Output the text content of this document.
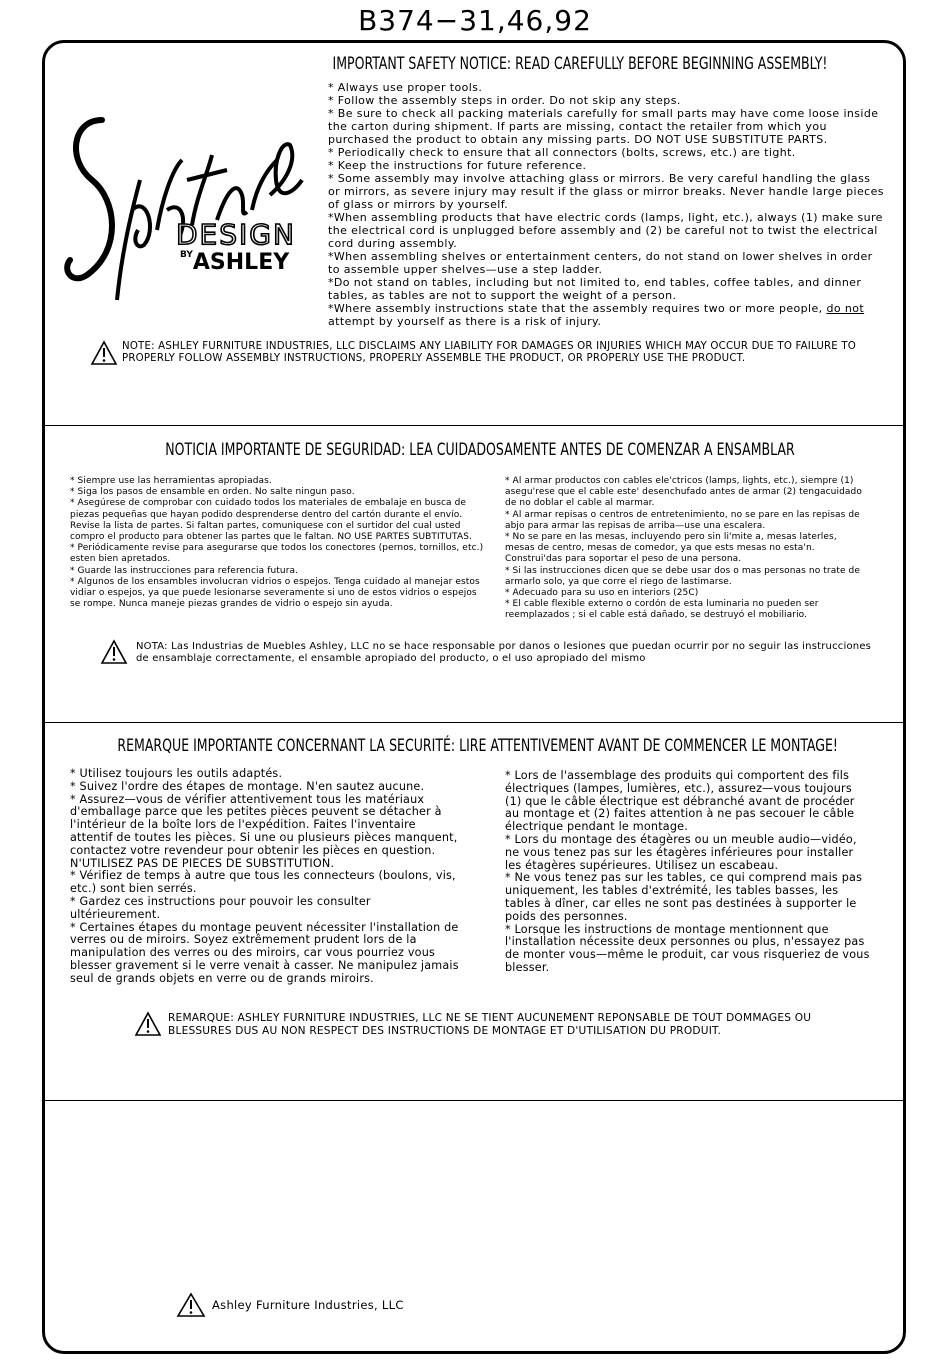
B374−31,46,92
DESIGN
$^{BY}$ASHLEY
IMPORTANT SAFETY NOTICE: READ CAREFULLY BEFORE BEGINNING ASSEMBLY!

* Always use proper tools.

* Follow the assembly steps in order. Do not skip any steps.

* Be sure to check all packing materials carefully for small parts may have come loose inside the carton during shipment. If parts are missing, contact the retailer from which you purchased the product to obtain any missing parts. DO NOT USE SUBSTITUTE PARTS.

* Periodically check to ensure that all connectors (bolts, screws, etc.) are tight.

* Keep the instructions for future reference.

* Some assembly may involve attaching glass or mirrors. Be very careful handling the glass or mirrors, as severe injury may result if the glass or mirror breaks. Never handle large pieces of glass or mirrors by yourself.

*When assembling products that have electric cords (lamps, light, etc.), always (1) make sure the electrical cord is unplugged before assembly and (2) be careful not to twist the electrical cord during assembly.

*When assembling shelves or entertainment centers, do not stand on lower shelves in order to assemble upper shelves—use a step ladder.

*Do not stand on tables, including but not limited to, end tables, coffee tables, and dinner tables, as tables are not to support the weight of a person.

*Where assembly instructions state that the assembly requires two or more people, do not attempt by yourself as there is a risk of injury.

NOTE: ASHLEY FURNITURE INDUSTRIES, LLC DISCLAIMS ANY LIABILITY FOR DAMAGES OR INJURIES WHICH MAY OCCUR DUE TO FAILURE TO PROPERLY FOLLOW ASSEMBLY INSTRUCTIONS, PROPERLY ASSEMBLE THE PRODUCT, OR PROPERLY USE THE PRODUCT.
NOTICIA IMPORTANTE DE SEGURIDAD: LEA CUIDADOSAMENTE ANTES DE COMENZAR A ENSAMBLAR

* Siempre use las herramientas apropiadas.

* Siga los pasos de ensamble en orden. No salte ningun paso.

* Asegúrese de comprobar con cuidado todos los materiales de embalaje en busca de piezas pequeñas que hayan podido desprenderse dentro del cartón durante el envío. Revise la lista de partes. Si faltan partes, comuniquese con el surtidor del cual usted compro el producto para obtener las partes que le faltan. NO USE PARTES SUBTITUTAS.

* Periódicamente revise para asegurarse que todos los conectores (pernos, tornillos, etc.) esten bien apretados.

* Guarde las instrucciones para referencia futura.

* Algunos de los ensambles involucran vidrios o espejos. Tenga cuidado al manejar estos vidiar o espejos, ya que puede lesionarse severamente si uno de estos vidrios o espejos se rompe. Nunca maneje piezas grandes de vidrio o espejo sin ayuda.

* Al armar productos con cables ele'ctricos (lamps, lights, etc.), siempre (1) asegu'rese que el cable este' desenchufado antes de armar (2) tengacuidado de no doblar el cable al marmar.

* Al armar repisas o centros de entretenimiento, no se pare en las repisas de abjo para armar las repisas de arriba—use una escalera.

* No se pare en las mesas, incluyendo pero sin li'mite a, mesas laterles, mesas de centro, mesas de comedor, ya que ests mesas no esta'n. Construi'das para soportar el peso de una persona.

* Si las instrucciones dicen que se debe usar dos o mas personas no trate de armarlo solo, ya que corre el riego de lastimarse.

* Adecuado para su uso en interiors (25C)

* El cable flexible externo o cordón de esta luminaria no pueden ser reemplazados ; si el cable está dañado, se destruyó el mobiliario.

NOTA: Las Industrias de Muebles Ashley, LLC no se hace responsable por danos o lesiones que puedan ocurrir por no seguir las instrucciones de ensamblaje correctamente, el ensamble apropiado del producto, o el uso apropiado del mismo
REMARQUE IMPORTANTE CONCERNANT LA SECURITÉ: LIRE ATTENTIVEMENT AVANT DE COMMENCER LE MONTAGE!

* Utilisez toujours les outils adaptés.

* Suivez l'ordre des étapes de montage. N'en sautez aucune.

* Assurez—vous de vérifier attentivement tous les matériaux d'emballage parce que les petites pièces peuvent se détacher à l'intérieur de la boîte lors de l'expédition. Faites l'inventaire attentif de toutes les pièces. Si une ou plusieurs pièces manquent, contactez votre revendeur pour obtenir les pièces en question. N'UTILISEZ PAS DE PIECES DE SUBSTITUTION.

* Vérifiez de temps à autre que tous les connecteurs (boulons, vis, etc.) sont bien serrés.

* Gardez ces instructions pour pouvoir les consulter ultérieurement.

* Certaines étapes du montage peuvent nécessiter l'installation de verres ou de miroirs. Soyez extrêmement prudent lors de la manipulation des verres ou des miroirs, car vous pourriez vous blesser gravement si le verre venait à casser. Ne manipulez jamais seul de grands objets en verre ou de grands miroirs.

* Lors de l'assemblage des produits qui comportent des fils électriques (lampes, lumières, etc.), assurez—vous toujours (1) que le câble électrique est débranché avant de procéder au montage et (2) faites attention à ne pas secouer le câble électrique pendant le montage.

* Lors du montage des étagères ou un meuble audio—vidéo, ne vous tenez pas sur les étagères inférieures pour installer les étagères supérieures. Utilisez un escabeau.

* Ne vous tenez pas sur les tables, ce qui comprend mais pas uniquement, les tables d'extrémité, les tables basses, les tables à dîner, car elles ne sont pas destinées à supporter le poids des personnes.

* Lorsque les instructions de montage mentionnent que l'installation nécessite deux personnes ou plus, n'essayez pas de monter vous—même le produit, car vous risqueriez de vous blesser.

REMARQUE: ASHLEY FURNITURE INDUSTRIES, LLC NE SE TIENT AUCUNEMENT REPONSABLE DE TOUT DOMMAGES OU BLESSURES DUS AU NON RESPECT DES INSTRUCTIONS DE MONTAGE ET D'UTILISATION DU PRODUIT.
Ashley Furniture Industries, LLC
